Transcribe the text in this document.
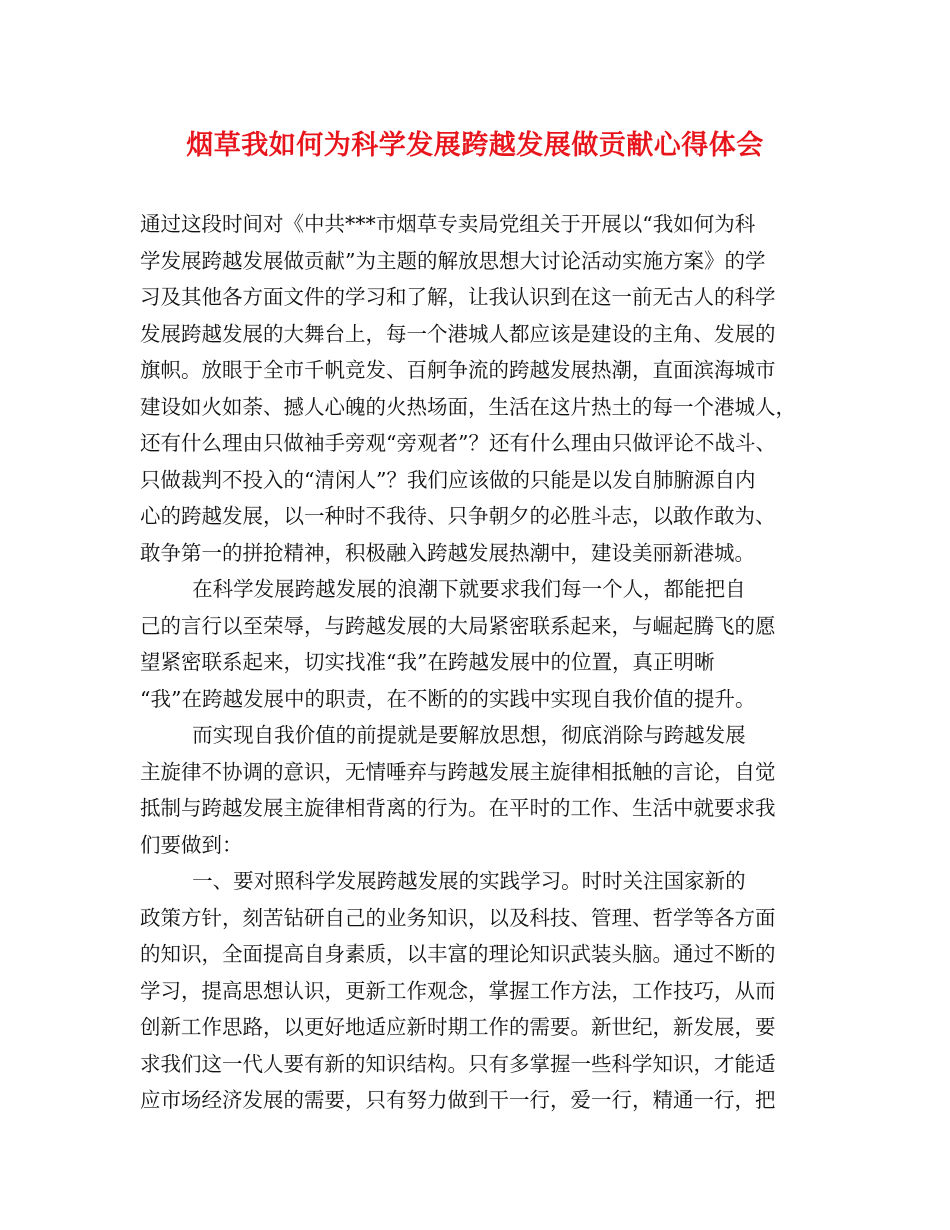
烟草我如何为科学发展跨越发展做贡献心得体会
通过这段时间对《中共***市烟草专卖局党组关于开展以“我如何为科
学发展跨越发展做贡献”为主题的解放思想大讨论活动实施方案》的学
习及其他各方面文件的学习和了解，让我认识到在这一前无古人的科学
发展跨越发展的大舞台上，每一个港城人都应该是建设的主角、发展的
旗帜。放眼于全市千帆竞发、百舸争流的跨越发展热潮，直面滨海城市
建设如火如荼、撼人心魄的火热场面，生活在这片热土的每一个港城人，
还有什么理由只做袖手旁观“旁观者”？还有什么理由只做评论不战斗、
只做裁判不投入的“清闲人”？我们应该做的只能是以发自肺腑源自内
心的跨越发展，以一种时不我待、只争朝夕的必胜斗志，以敢作敢为、
敢争第一的拼抢精神，积极融入跨越发展热潮中，建设美丽新港城。
在科学发展跨越发展的浪潮下就要求我们每一个人，都能把自
己的言行以至荣辱，与跨越发展的大局紧密联系起来，与崛起腾飞的愿
望紧密联系起来，切实找准“我”在跨越发展中的位置，真正明晰
“我”在跨越发展中的职责，在不断的的实践中实现自我价值的提升。
而实现自我价值的前提就是要解放思想，彻底消除与跨越发展
主旋律不协调的意识，无情唾弃与跨越发展主旋律相抵触的言论，自觉
抵制与跨越发展主旋律相背离的行为。在平时的工作、生活中就要求我
们要做到：
一、要对照科学发展跨越发展的实践学习。时时关注国家新的
政策方针，刻苦钻研自己的业务知识，以及科技、管理、哲学等各方面
的知识，全面提高自身素质，以丰富的理论知识武装头脑。通过不断的
学习，提高思想认识，更新工作观念，掌握工作方法，工作技巧，从而
创新工作思路，以更好地适应新时期工作的需要。新世纪，新发展，要
求我们这一代人要有新的知识结构。只有多掌握一些科学知识，才能适
应市场经济发展的需要，只有努力做到干一行，爱一行，精通一行，把
